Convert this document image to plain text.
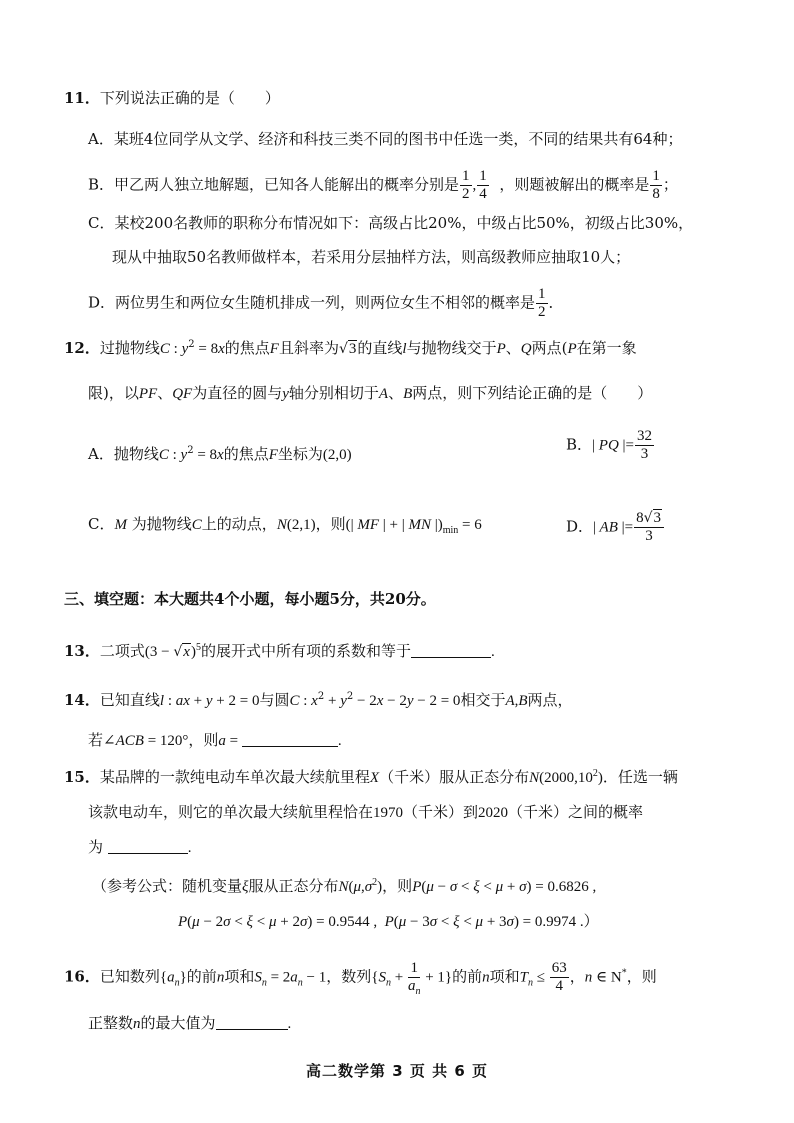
11．下列说法正确的是（　　）
A．某班4位同学从文学、经济和科技三类不同的图书中任选一类，不同的结果共有64种；
B．甲乙两人独立地解题，已知各人能解出的概率分别是 $\frac{1}{2}$ , $\frac{1}{4}$ ，则题被解出的概率是 $\frac{1}{8}$ ；
C．某校200名教师的职称分布情况如下：高级占比20%，中级占比50%，初级占比30%，
现从中抽取50名教师做样本，若采用分层抽样方法，则高级教师应抽取10人；
D．两位男生和两位女生随机排成一列，则两位女生不相邻的概率是 $\frac{1}{2}$ ．
12．过抛物线C : $y^2 = 8x$的焦点F且斜率为√3的直线l与抛物线交于P、Q两点(P在第一象
限)，以PF、QF为直径的圆与y轴分别相切于A、B两点，则下列结论正确的是（　　）
A．抛物线C : $y^2 = 8x$的焦点F坐标为(2,0)
B．| PQ |= $\frac{32}{3}$
C．M 为抛物线C上的动点，N(2,1)，则(| MF | + | MN $|)_{min} = 6$	D．| AB |= $\frac{8√3}{3}$
三、填空题：本大题共4个小题，每小题5分，共20分。
13．二项式$(3 - √x)^5$的展开式中所有项的系数和等于	.
14．已知直线l : ax + y + 2 = 0与圆C : $x^2 + y^2 - 2x - 2y - 2 = 0$相交于A,B两点，
若∠ACB = 120°，则a =	.
15．某品牌的一款纯电动车单次最大续航里程X（千米）服从正态分布N(2000,10$^2$)．任选一辆
该款电动车，则它的单次最大续航里程恰在1970（千米）到2020（千米）之间的概率
为	.
（参考公式：随机变量ξ服从正态分布$N(\mu,\sigma^2)$，则P(μ − σ < ξ < μ + σ) = 0.6826 ,
P(μ − 2σ < ξ < μ + 2σ) = 0.9544 ,  P(μ − 3σ < ξ < μ + 3σ) = 0.9974 .）
16．已知数列$\{a_n\}$的前n项和$S_n = 2a_n - 1$，数列$\{S_n + \frac{1}{a_n} + 1\}$的前n项和$T_n \le \frac{63}{4}$ ，n ∈ N*，则
正整数n的最大值为	.
高二数学第 3 页 共 6 页
